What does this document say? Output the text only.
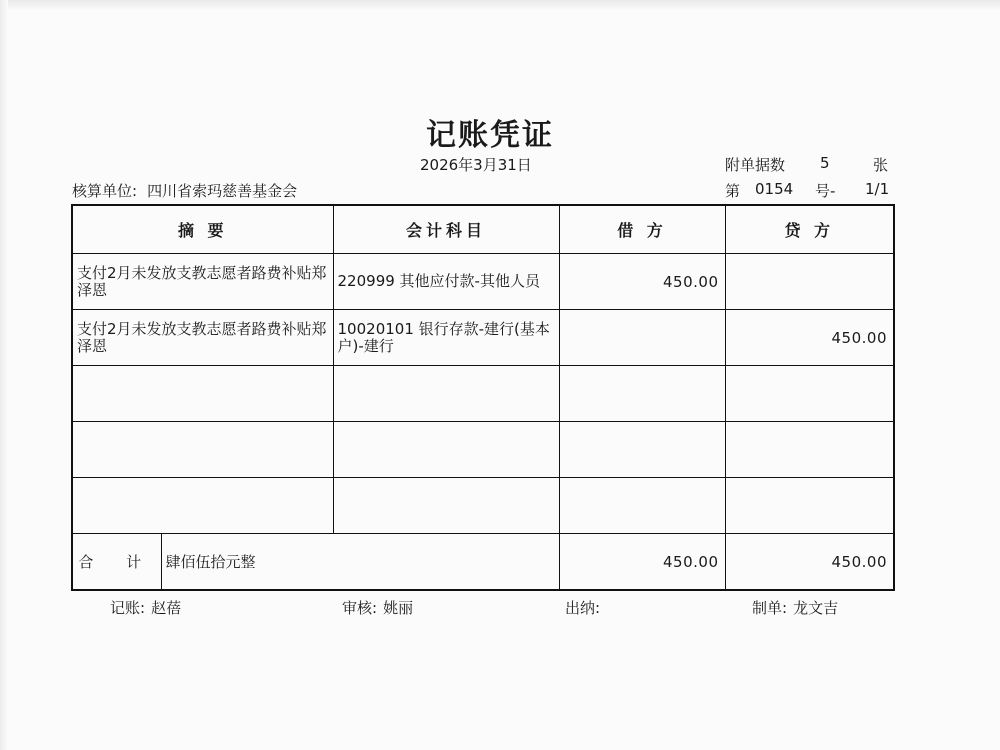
记账凭证
2026年3月31日	附单据数 5	张
核算单位: 四川省索玛慈善基金会	第 0154 号- 1/1
摘 要		会计科目	借 方	贷 方
支付2月未发放支教志愿者路费补贴郑泽恩		220999 其他应付款-其他人员	450.00	
支付2月未发放支教志愿者路费补贴郑泽恩		10020101 银行存款-建行(基本户)-建行		450.00

合 计	肆佰伍拾元整		450.00	450.00
记账: 赵蓓	审核: 姚丽	出纳:	制单: 龙文吉
